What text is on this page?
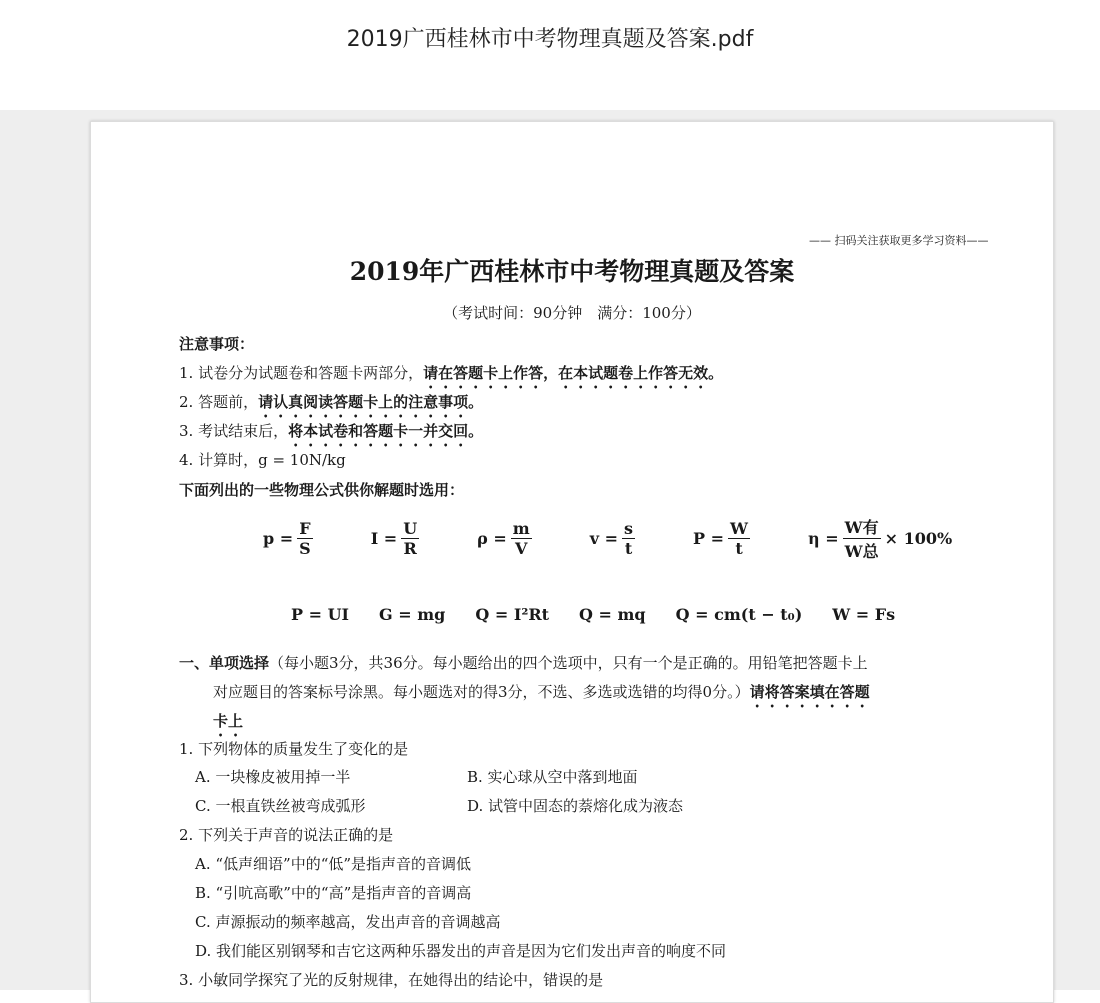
2019广西桂林市中考物理真题及答案.pdf
—— 扫码关注获取更多学习资料——
2019年广西桂林市中考物理真题及答案
（考试时间：90分钟　满分：100分）
注意事项：
1. 试卷分为试题卷和答题卡两部分，请在答题卡上作答，在本试题卷上作答无效。
2. 答题前，请认真阅读答题卡上的注意事项。
3. 考试结束后，将本试卷和答题卡一并交回。
4. 计算时，g = 10N/kg
下面列出的一些物理公式供你解题时选用：
$p = \frac{F}{S}$	$I = \frac{U}{R}$	$\rho = \frac{m}{V}$	$v = \frac{s}{t}$	$P = \frac{W}{t}$	$\eta = \frac{\text{W有}}{\text{W总}} \times 100\%$
P = UI G = mg Q = I²Rt Q = mq Q = cm(t − t₀) W = Fs
一、单项选择（每小题3分，共36分。每小题给出的四个选项中，只有一个是正确的。用铅笔把答题卡上
对应题目的答案标号涂黑。每小题选对的得3分，不选、多选或选错的均得0分。）请将答案填在答题
卡上
1. 下列物体的质量发生了变化的是
A. 一块橡皮被用掉一半	B. 实心球从空中落到地面
C. 一根直铁丝被弯成弧形	D. 试管中固态的萘熔化成为液态
2. 下列关于声音的说法正确的是
A. “低声细语”中的“低”是指声音的音调低
B. “引吭高歌”中的“高”是指声音的音调高
C. 声源振动的频率越高，发出声音的音调越高
D. 我们能区别钢琴和吉它这两种乐器发出的声音是因为它们发出声音的响度不同
3. 小敏同学探究了光的反射规律，在她得出的结论中，错误的是
